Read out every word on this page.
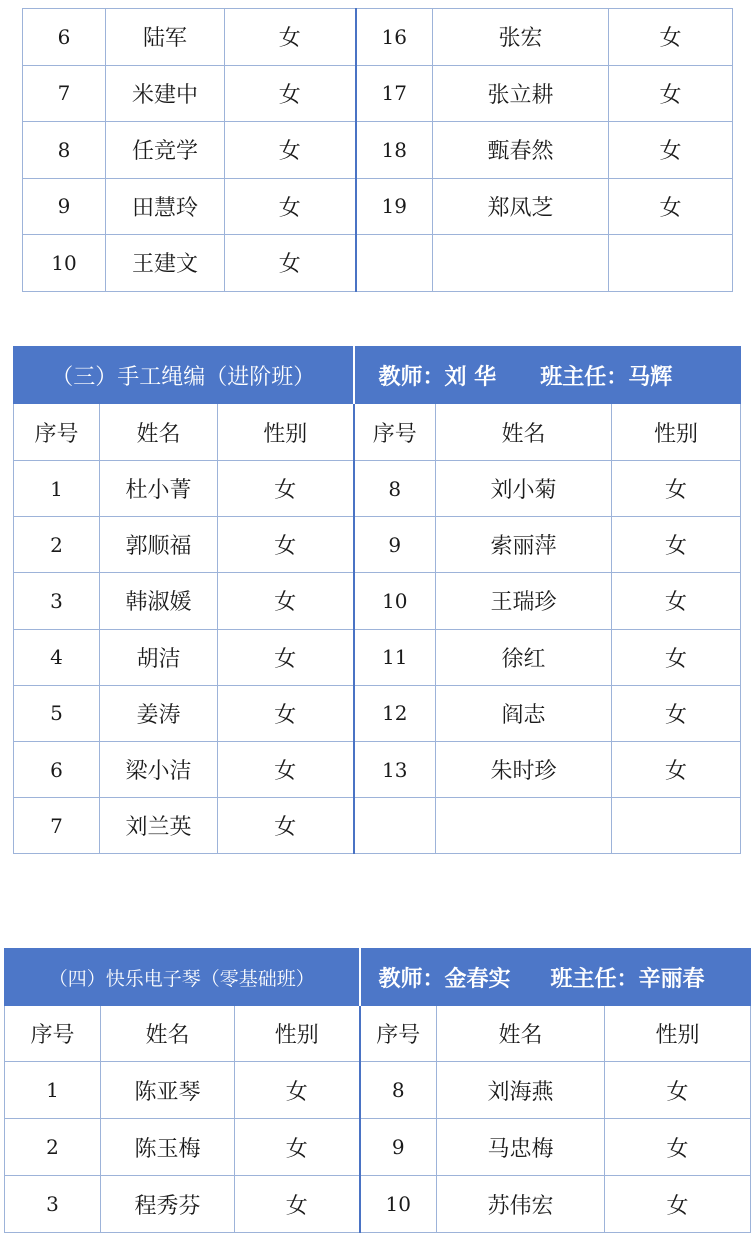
6	陆军	女	16	张宏	女
7	米建中	女	17	张立耕	女
8	任竞学	女	18	甄春然	女
9	田慧玲	女	19	郑凤芝	女
10	王建文	女			
（三）手工绳编（进阶班）			教师：刘 华 班主任：马辉		
序号	姓名	性别	序号	姓名	性别
1	杜小菁	女	8	刘小菊	女
2	郭顺福	女	9	索丽萍	女
3	韩淑媛	女	10	王瑞珍	女
4	胡洁	女	11	徐红	女
5	姜涛	女	12	阎志	女
6	梁小洁	女	13	朱时珍	女
7	刘兰英	女			
（四）快乐电子琴（零基础班）			教师：金春实 班主任：辛丽春		
序号	姓名	性别	序号	姓名	性别
1	陈亚琴	女	8	刘海燕	女
2	陈玉梅	女	9	马忠梅	女
3	程秀芬	女	10	苏伟宏	女
